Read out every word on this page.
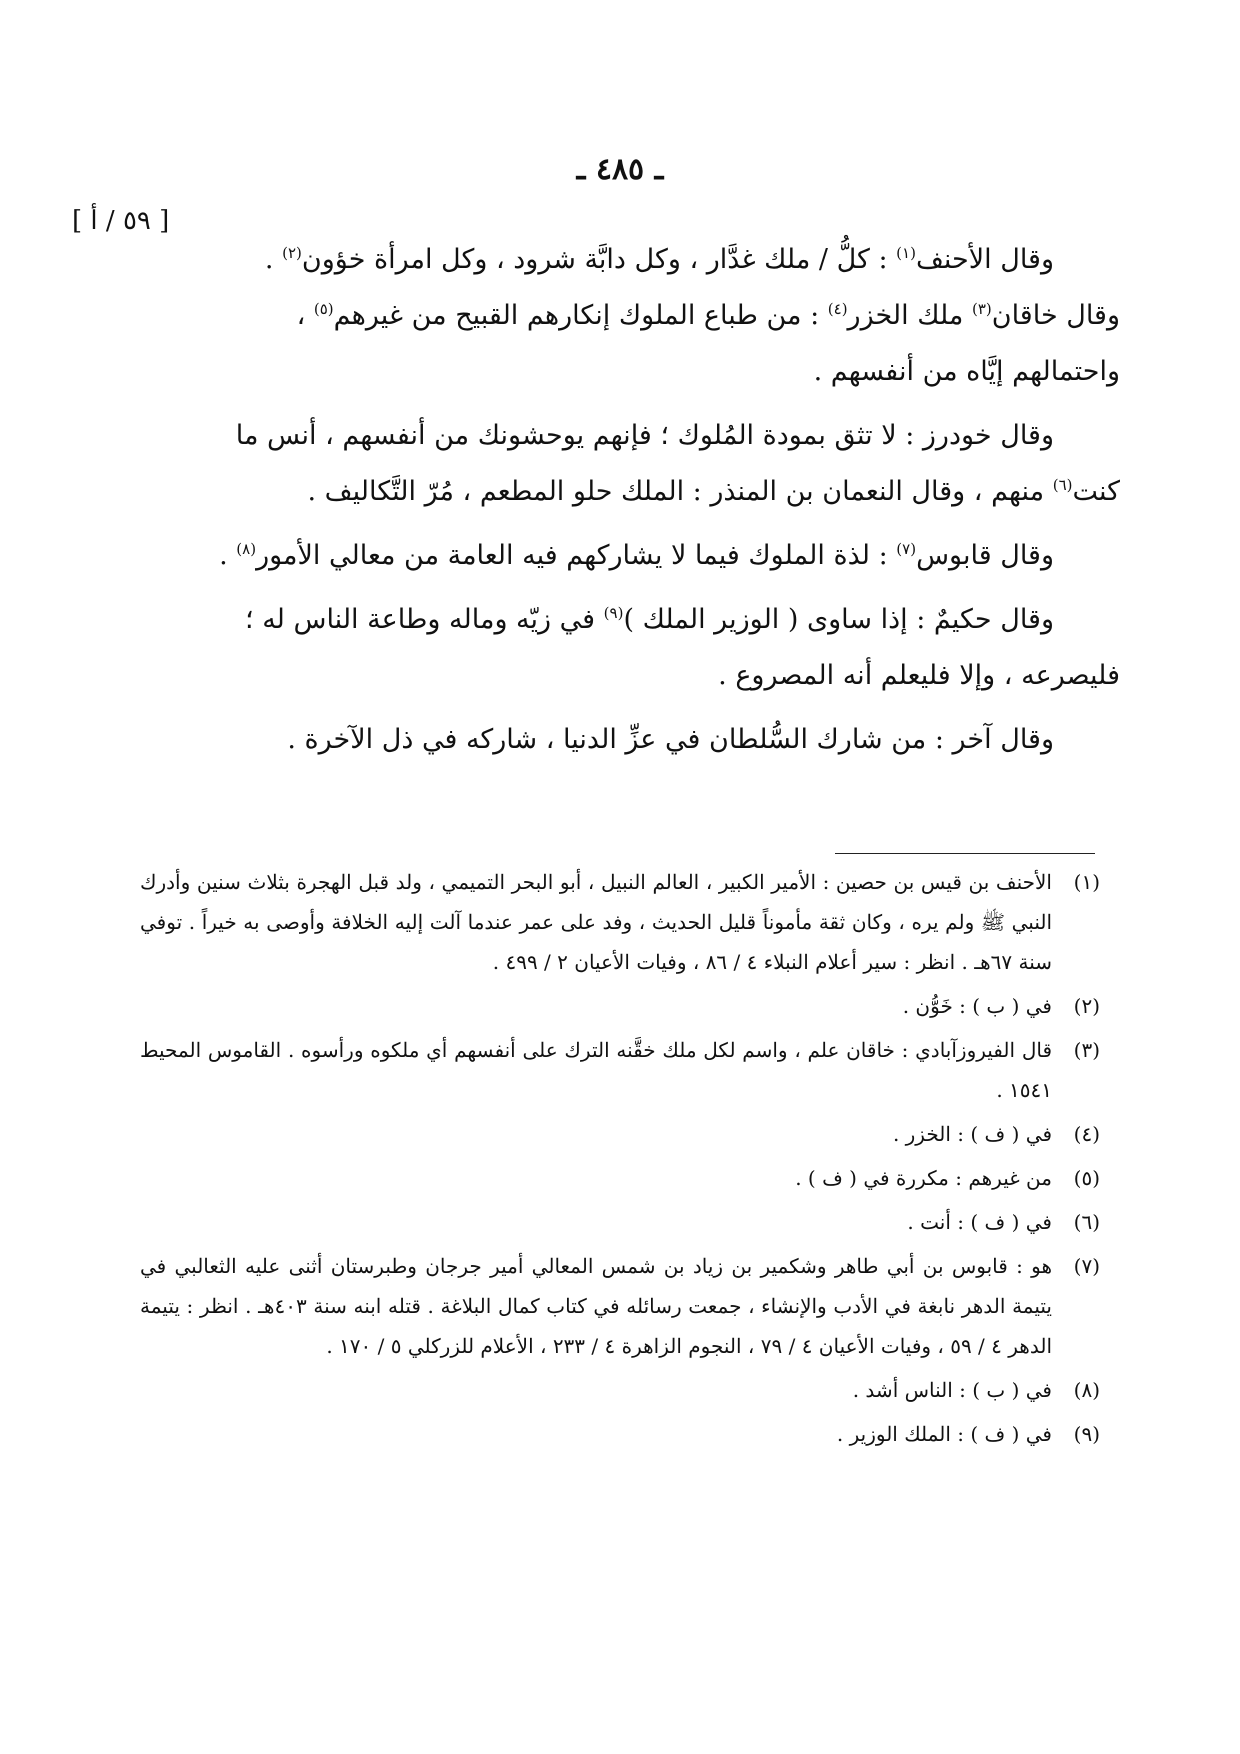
ـ ٤٨٥ ـ
[ ٥٩ / أ ]

وقال الأحنف$^{(١)}$ : كلُّ / ملك غدَّار ، وكل دابَّة شرود ، وكل امرأة خؤون$^{(٢)}$ .

وقال خاقان$^{(٣)}$ ملك الخزر$^{(٤)}$ : من طباع الملوك إنكارهم القبيح من غيرهم$^{(٥)}$ ،

واحتمالهم إيَّاه من أنفسهم .

وقال خودرز : لا تثق بمودة المُلوك ؛ فإنهم يوحشونك من أنفسهم ، أنس ما

كنت$^{(٦)}$ منهم ، وقال النعمان بن المنذر : الملك حلو المطعم ، مُرّ التَّكاليف .

وقال قابوس$^{(٧)}$ : لذة الملوك فيما لا يشاركهم فيه العامة من معالي الأمور$^{(٨)}$ .

وقال حكيمٌ : إذا ساوى ( الوزير الملك )$^{(٩)}$ في زيّه وماله وطاعة الناس له ؛

فليصرعه ، وإلا فليعلم أنه المصروع .

وقال آخر : من شارك السُّلطان في عزِّ الدنيا ، شاركه في ذل الآخرة .

(١)
الأحنف بن قيس بن حصين : الأمير الكبير ، العالم النبيل ، أبو البحر التميمي ، ولد قبل الهجرة بثلاث سنين وأدرك النبي ﷺ ولم يره ، وكان ثقة مأموناً قليل الحديث ، وفد على عمر عندما آلت إليه الخلافة وأوصى به خيراً . توفي سنة ٦٧هـ . انظر : سير أعلام النبلاء ٤ / ٨٦ ، وفيات الأعيان ٢ / ٤٩٩ .
(٢)
في ( ب ) : خَوُّن .
(٣)
قال الفيروزآبادي : خاقان علم ، واسم لكل ملك خقَّنه الترك على أنفسهم أي ملكوه ورأسوه . القاموس المحيط ١٥٤١ .
(٤)
في ( ف ) : الخزر .
(٥)
من غيرهم : مكررة في ( ف ) .
(٦)
في ( ف ) : أنت .
(٧)
هو : قابوس بن أبي طاهر وشكمير بن زياد بن شمس المعالي أمير جرجان وطبرستان أثنى عليه الثعالبي في يتيمة الدهر نابغة في الأدب والإنشاء ، جمعت رسائله في كتاب كمال البلاغة . قتله ابنه سنة ٤٠٣هـ . انظر : يتيمة الدهر ٤ / ٥٩ ، وفيات الأعيان ٤ / ٧٩ ، النجوم الزاهرة ٤ / ٢٣٣ ، الأعلام للزركلي ٥ / ١٧٠ .
(٨)
في ( ب ) : الناس أشد .
(٩)
في ( ف ) : الملك الوزير .
